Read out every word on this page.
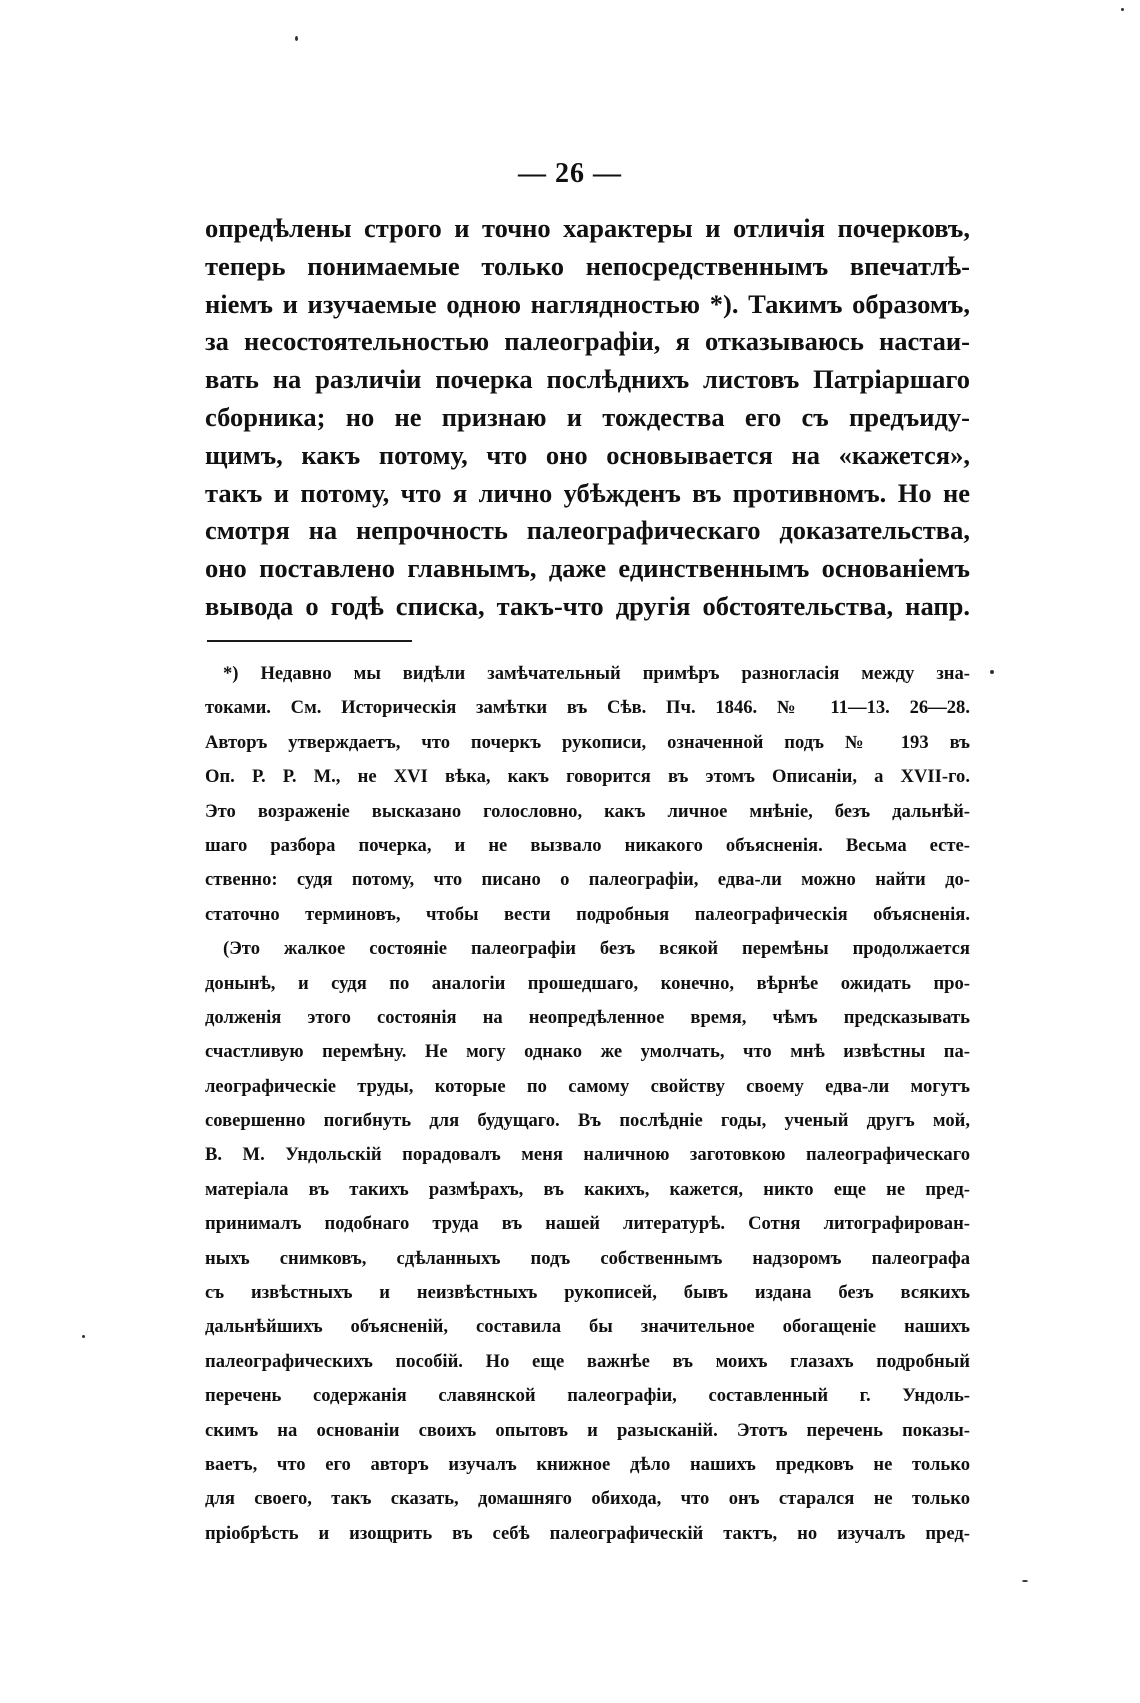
— 26 —
опредѣлены строго и точно характеры и отличія почерковъ,
теперь понимаемые только непосредственнымъ впечатлѣ-
ніемъ и изучаемые одною наглядностью *). Такимъ образомъ,
за несостоятельностью палеографіи, я отказываюсь настаи-
вать на различіи почерка послѣднихъ листовъ Патріаршаго
сборника; но не признаю и тождества его съ предъиду-
щимъ, какъ потому, что оно основывается на «кажется»,
такъ и потому, что я лично убѣжденъ въ противномъ. Но не
смотря на непрочность палеографическаго доказательства,
оно поставлено главнымъ, даже единственнымъ основаніемъ
вывода о годѣ списка, такъ-что другія обстоятельства, напр.
*) Недавно мы видѣли замѣчательный примѣръ разногласія между зна-
токами. См. Историческія замѣтки въ Сѣв. Пч. 1846. № 11—13. 26—28.
Авторъ утверждаетъ, что почеркъ рукописи, означенной подъ № 193 въ
Оп. Р. Р. М., не XVI вѣка, какъ говорится въ этомъ Описаніи, а XVII-го.
Это возраженіе высказано голословно, какъ личное мнѣніе, безъ дальнѣй-
шаго разбора почерка, и не вызвало никакого объясненія. Весьма есте-
ственно: судя потому, что писано о палеографіи, едва-ли можно найти до-
статочно терминовъ, чтобы вести подробныя палеографическія объясненія.
(Это жалкое состояніе палеографіи безъ всякой перемѣны продолжается
донынѣ, и судя по аналогіи прошедшаго, конечно, вѣрнѣе ожидать про-
долженія этого состоянія на неопредѣленное время, чѣмъ предсказывать
счастливую перемѣну. Не могу однако же умолчать, что мнѣ извѣстны па-
леографическіе труды, которые по самому свойству своему едва-ли могутъ
совершенно погибнуть для будущаго. Въ послѣдніе годы, ученый другъ мой,
В. М. Ундольскій порадовалъ меня наличною заготовкою палеографическаго
матеріала въ такихъ размѣрахъ, въ какихъ, кажется, никто еще не пред-
принималъ подобнаго труда въ нашей литературѣ. Сотня литографирован-
ныхъ снимковъ, сдѣланныхъ подъ собственнымъ надзоромъ палеографа
съ извѣстныхъ и неизвѣстныхъ рукописей, бывъ издана безъ всякихъ
дальнѣйшихъ объясненій, составила бы значительное обогащеніе нашихъ
палеографическихъ пособій. Но еще важнѣе въ моихъ глазахъ подробный
перечень содержанія славянской палеографіи, составленный г. Ундоль-
скимъ на основаніи своихъ опытовъ и разысканій. Этотъ перечень показы-
ваетъ, что его авторъ изучалъ книжное дѣло нашихъ предковъ не только
для своего, такъ сказать, домашняго обихода, что онъ старался не только
пріобрѣсть и изощрить въ себѣ палеографическій тактъ, но изучалъ пред-
